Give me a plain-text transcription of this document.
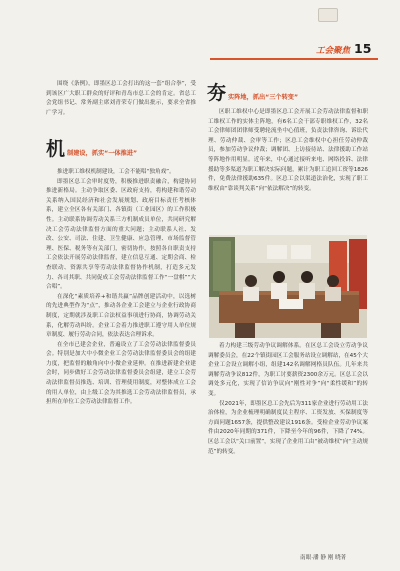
工会聚焦 15

围绕《条例》，即墨区总工会打出的这一套“组合拳”，受到该区广大职工群众的好评和青岛市总工会的肯定。省总工会党组书记、常务副主席刘青荣专门做出批示，要求全省推广学习。

机 制建设，抓实“一体推进”

推进职工维权机制建设，工会不能唱“独角戏”。

即墨区总工会审时度势，积极推进职责融合，构建协同推进新格局。主动争取区委、区政府支持，将构建和谐劳动关系纳入国民经济和社会发展规划、政府目标责任考核体系，建立全区各有关部门、各镇街（工业园区）的工作积极性。主动联系协调劳动关系三方机制成员单位，共同研究解决工会劳动法律监督方面的重大问题；主动联系人社、发改、公安、司法、住建、卫生健康、应急管理、市场监督管理、医保、税务等有关部门，密切协作，按照各自职责支持工会依法开展劳动法律监督，建立信息互通、定期会商、检查联动、资源共享等劳动法律监督协作机制，打造多元发力、各司其职、共同促成工会劳动法律监督工作“一盘棋”“大合唱”。

在深化“素质培养+和谐共赢”品牌创建活动中，以选树的先进典型作为“点”，推动各企业工会建立与企业行政协商制度，定期就涉及职工合法权益事项进行协商，协调劳动关系，化解劳动纠纷。企业工会着力推进职工遵守用人单位规章制度、履行劳动合同，依法表达合理诉求。

在全市已建会企业，普遍设立了工会劳动法律监督委员会。特别是加大中小微企业工会劳动法律监督委员会的组建力度，把监督的触角向中小微企业延伸。在推进新建企业建会时，同步做好工会劳动法律监督委员会组建，建立工会劳动法律监督员推选、培训、管理使用制度，对整体成立工会的用人单位，由上级工会为其推选工会劳动法律监督员，承担所在单位工会劳动法律监督工作。

夯 实阵地，抓出“三个转变”

区职工维权中心是即墨区总工会开展工会劳动法律监督和职工维权工作的实体主阵地，有6名工会干部专职维权工作，32名工会律师团团律师受聘轮流坐中心值班，负责法律咨询、诉讼代理、劳动仲裁、会审等工作；区总工会维权中心担任劳动仲裁员，参加劳动争议仲裁；调解团、上访接待站、法律援助工作站等阵地作用明显。近年来，中心通过接听来电、网络投诉、法律援助等多渠道为职工解决实际问题，累计为职工追回工资等1826件，免费法律援助635件。区总工会以渠道法治化，实现了职工维权由“靠谈判关系”向“依法解决”的转变。

着力构建三级劳动争议调解体系。在区总工会设立劳动争议调解委员会，在22个镇街园区工会服务站设立调解站，在45个大企业工会设立调解小组，组建142名调解网格员队伍。几年来共调解劳动争议812件，为职工讨要薪资2300余万元。区总工会以调处多元化，实现了信访争议向“刚性对争”向“柔性缓和”的转变。

仅2021年，即墨区总工会先后为311家企业进行劳动用工法治体检，为企业梳理明确制度民主程序、工资发放、买保制度等方面问题1657条，提供整改建议1916条。受检企业劳动争议案件由2020年同期的371件，下降至今年的96件，下降了74%。区总工会以“关口前置”，实现了企业用工由“被动维权”向“主动规范”的转变。

南眼·潘 静 刚 晓菁
